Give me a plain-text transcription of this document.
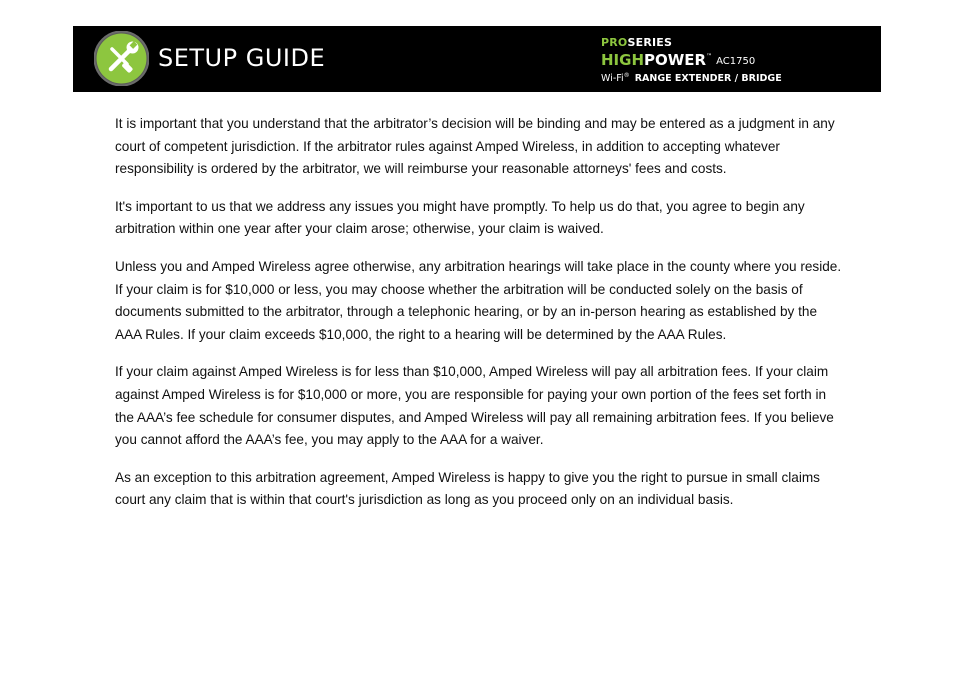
SETUP GUIDE
PROSERIES
HIGHPOWER™ AC1750
Wi-Fi® RANGE EXTENDER / BRIDGE

It is important that you understand that the arbitrator’s decision will be binding and may be entered as a judgment in any court of competent jurisdiction. If the arbitrator rules against Amped Wireless, in addition to accepting whatever responsibility is ordered by the arbitrator, we will reimburse your reasonable attorneys' fees and costs.

It's important to us that we address any issues you might have promptly. To help us do that, you agree to begin any arbitration within one year after your claim arose; otherwise, your claim is waived.

Unless you and Amped Wireless agree otherwise, any arbitration hearings will take place in the county where you reside. If your claim is for $10,000 or less, you may choose whether the arbitration will be conducted solely on the basis of documents submitted to the arbitrator, through a telephonic hearing, or by an in-person hearing as established by the AAA Rules. If your claim exceeds $10,000, the right to a hearing will be determined by the AAA Rules.

If your claim against Amped Wireless is for less than $10,000, Amped Wireless will pay all arbitration fees. If your claim against Amped Wireless is for $10,000 or more, you are responsible for paying your own portion of the fees set forth in the AAA’s fee schedule for consumer disputes, and Amped Wireless will pay all remaining arbitration fees. If you believe you cannot afford the AAA’s fee, you may apply to the AAA for a waiver.

As an exception to this arbitration agreement, Amped Wireless is happy to give you the right to pursue in small claims court any claim that is within that court's jurisdiction as long as you proceed only on an individual basis.
